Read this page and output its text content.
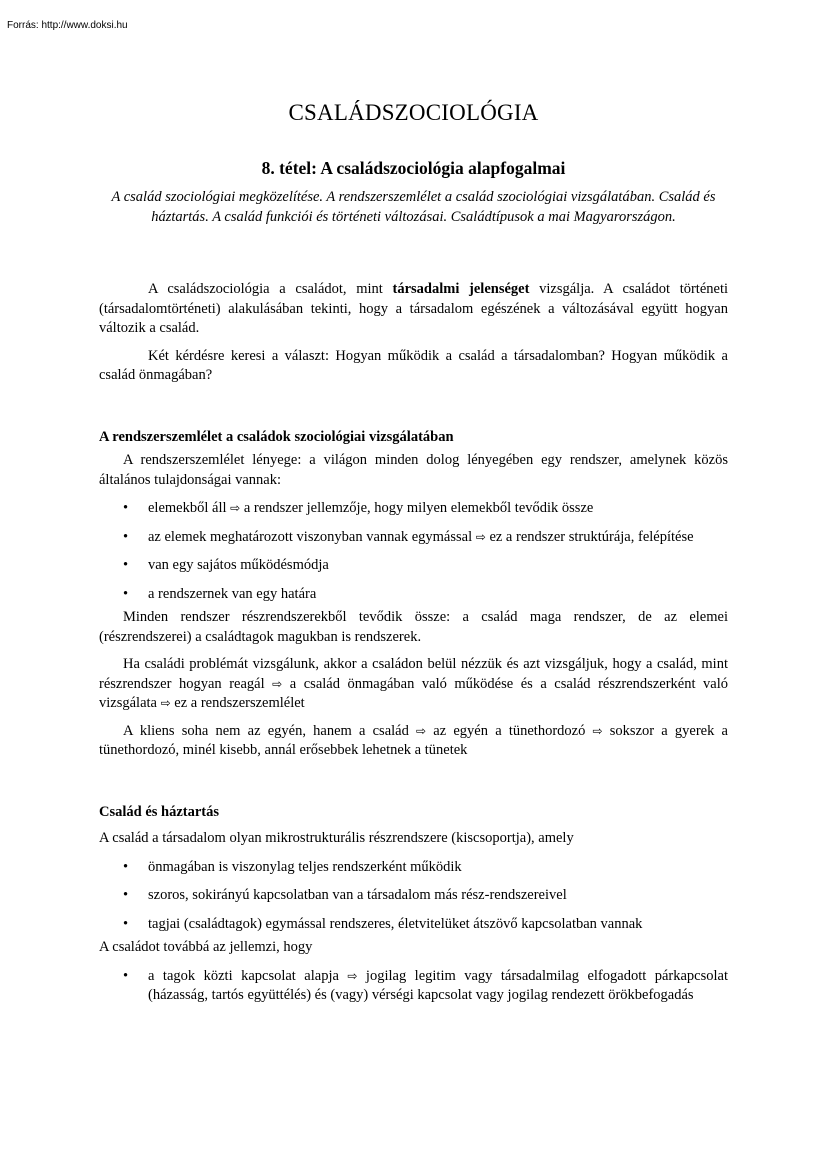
Forrás: http://www.doksi.hu
CSALÁDSZOCIOLÓGIA
8. tétel: A családszociológia alapfogalmai
A család szociológiai megközelítése. A rendszerszemlélet a család szociológiai vizsgálatában. Család és háztartás. A család funkciói és történeti változásai. Családtípusok a mai Magyarországon.

A családszociológia a családot, mint társadalmi jelenséget vizsgálja. A családot történeti (társadalomtörténeti) alakulásában tekinti, hogy a társadalom egészének a változásával együtt hogyan változik a család.

Két kérdésre keresi a választ: Hogyan működik a család a társadalomban? Hogyan működik a család önmagában?

A rendszerszemlélet a családok szociológiai vizsgálatában

A rendszerszemlélet lényege: a világon minden dolog lényegében egy rendszer, amelynek közös általános tulajdonságai vannak:

• elemekből áll ⇨ a rendszer jellemzője, hogy milyen elemekből tevődik össze
• az elemek meghatározott viszonyban vannak egymással ⇨ ez a rendszer struktúrája, felépítése
• van egy sajátos működésmódja
• a rendszernek van egy határa

Minden rendszer részrendszerekből tevődik össze: a család maga rendszer, de az elemei (részrendszerei) a családtagok magukban is rendszerek.

Ha családi problémát vizsgálunk, akkor a családon belül nézzük és azt vizsgáljuk, hogy a család, mint részrendszer hogyan reagál ⇨ a család önmagában való működése és a család részrendszerként való vizsgálata ⇨ ez a rendszerszemlélet

A kliens soha nem az egyén, hanem a család ⇨ az egyén a tünethordozó ⇨ sokszor a gyerek a tünethordozó, minél kisebb, annál erősebbek lehetnek a tünetek

Család és háztartás

A család a társadalom olyan mikrostrukturális részrendszere (kiscsoportja), amely

• önmagában is viszonylag teljes rendszerként működik
• szoros, sokirányú kapcsolatban van a társadalom más rész-rendszereivel
• tagjai (családtagok) egymással rendszeres, életvitelüket átszövő kapcsolatban vannak

A családot továbbá az jellemzi, hogy

• a tagok közti kapcsolat alapja ⇨ jogilag legitim vagy társadalmilag elfogadott párkapcsolat (házasság, tartós együttélés) és (vagy) vérségi kapcsolat vagy jogilag rendezett örökbefogadás
